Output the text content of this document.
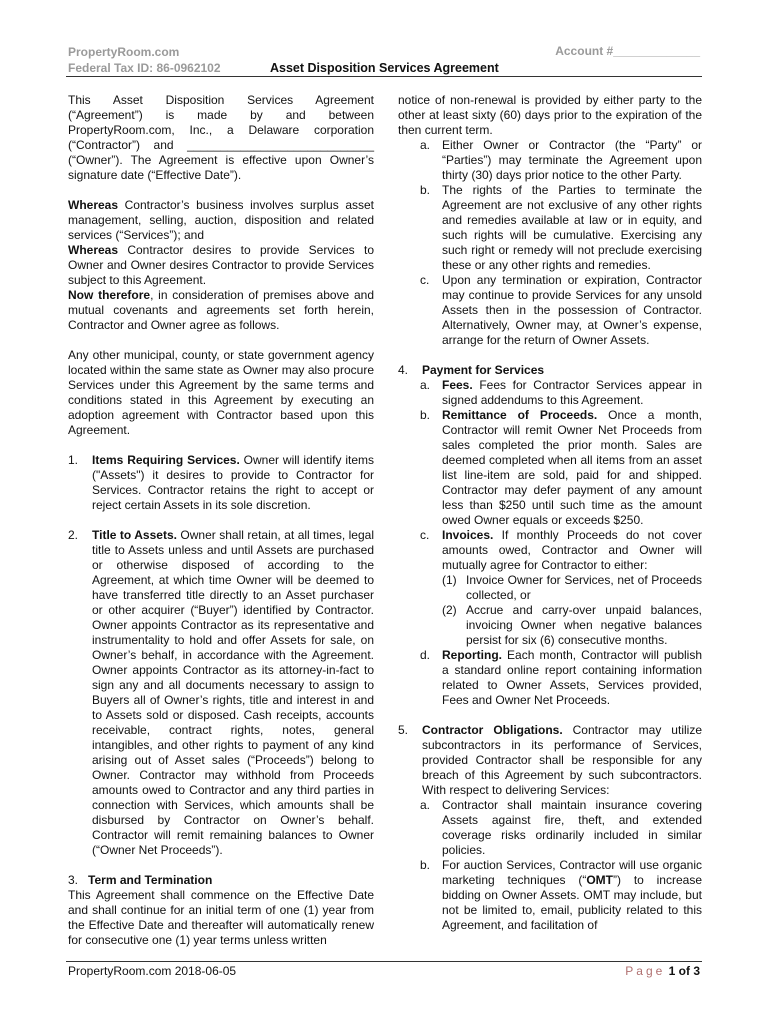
PropertyRoom.com
Federal Tax ID: 86-0962102
Account #_____________
Asset Disposition Services Agreement

This Asset Disposition Services Agreement (“Agreement”) is made by and between PropertyRoom.com, Inc., a Delaware corporation (“Contractor”) and ____________________________ (“Owner”). The Agreement is effective upon Owner’s signature date (“Effective Date”).

Whereas Contractor’s business involves surplus asset management, selling, auction, disposition and related services (“Services”); and

Whereas Contractor desires to provide Services to Owner and Owner desires Contractor to provide Services subject to this Agreement.

Now therefore, in consideration of premises above and mutual covenants and agreements set forth herein, Contractor and Owner agree as follows.

Any other municipal, county, or state government agency located within the same state as Owner may also procure Services under this Agreement by the same terms and conditions stated in this Agreement by executing an adoption agreement with Contractor based upon this Agreement.

1. Items Requiring Services. Owner will identify items ("Assets") it desires to provide to Contractor for Services. Contractor retains the right to accept or reject certain Assets in its sole discretion.
2. Title to Assets. Owner shall retain, at all times, legal title to Assets unless and until Assets are purchased or otherwise disposed of according to the Agreement, at which time Owner will be deemed to have transferred title directly to an Asset purchaser or other acquirer (“Buyer”) identified by Contractor. Owner appoints Contractor as its representative and instrumentality to hold and offer Assets for sale, on Owner’s behalf, in accordance with the Agreement. Owner appoints Contractor as its attorney-in-fact to sign any and all documents necessary to assign to Buyers all of Owner’s rights, title and interest in and to Assets sold or disposed. Cash receipts, accounts receivable, contract rights, notes, general intangibles, and other rights to payment of any kind arising out of Asset sales (“Proceeds”) belong to Owner. Contractor may withhold from Proceeds amounts owed to Contractor and any third parties in connection with Services, which amounts shall be disbursed by Contractor on Owner’s behalf. Contractor will remit remaining balances to Owner (“Owner Net Proceeds”).

3. Term and Termination

This Agreement shall commence on the Effective Date and shall continue for an initial term of one (1) year from the Effective Date and thereafter will automatically renew for consecutive one (1) year terms unless written

notice of non-renewal is provided by either party to the other at least sixty (60) days prior to the expiration of the then current term.

a. Either Owner or Contractor (the “Party” or “Parties”) may terminate the Agreement upon thirty (30) days prior notice to the other Party.
b. The rights of the Parties to terminate the Agreement are not exclusive of any other rights and remedies available at law or in equity, and such rights will be cumulative. Exercising any such right or remedy will not preclude exercising these or any other rights and remedies.
c. Upon any termination or expiration, Contractor may continue to provide Services for any unsold Assets then in the possession of Contractor. Alternatively, Owner may, at Owner’s expense, arrange for the return of Owner Assets.
4. Payment for Services
a. Fees. Fees for Contractor Services appear in signed addendums to this Agreement.
b. Remittance of Proceeds. Once a month, Contractor will remit Owner Net Proceeds from sales completed the prior month. Sales are deemed completed when all items from an asset list line-item are sold, paid for and shipped. Contractor may defer payment of any amount less than $250 until such time as the amount owed Owner equals or exceeds $250.
c. Invoices. If monthly Proceeds do not cover amounts owed, Contractor and Owner will mutually agree for Contractor to either:
(1) Invoice Owner for Services, net of Proceeds collected, or
(2) Accrue and carry-over unpaid balances, invoicing Owner when negative balances persist for six (6) consecutive months.
d. Reporting. Each month, Contractor will publish a standard online report containing information related to Owner Assets, Services provided, Fees and Owner Net Proceeds.
5. Contractor Obligations. Contractor may utilize subcontractors in its performance of Services, provided Contractor shall be responsible for any breach of this Agreement by such subcontractors. With respect to delivering Services:
a. Contractor shall maintain insurance covering Assets against fire, theft, and extended coverage risks ordinarily included in similar policies.
b. For auction Services, Contractor will use organic marketing techniques (“OMT”) to increase bidding on Owner Assets. OMT may include, but not be limited to, email, publicity related to this Agreement, and facilitation of
PropertyRoom.com 2018-06-05	Page 1 of 3
